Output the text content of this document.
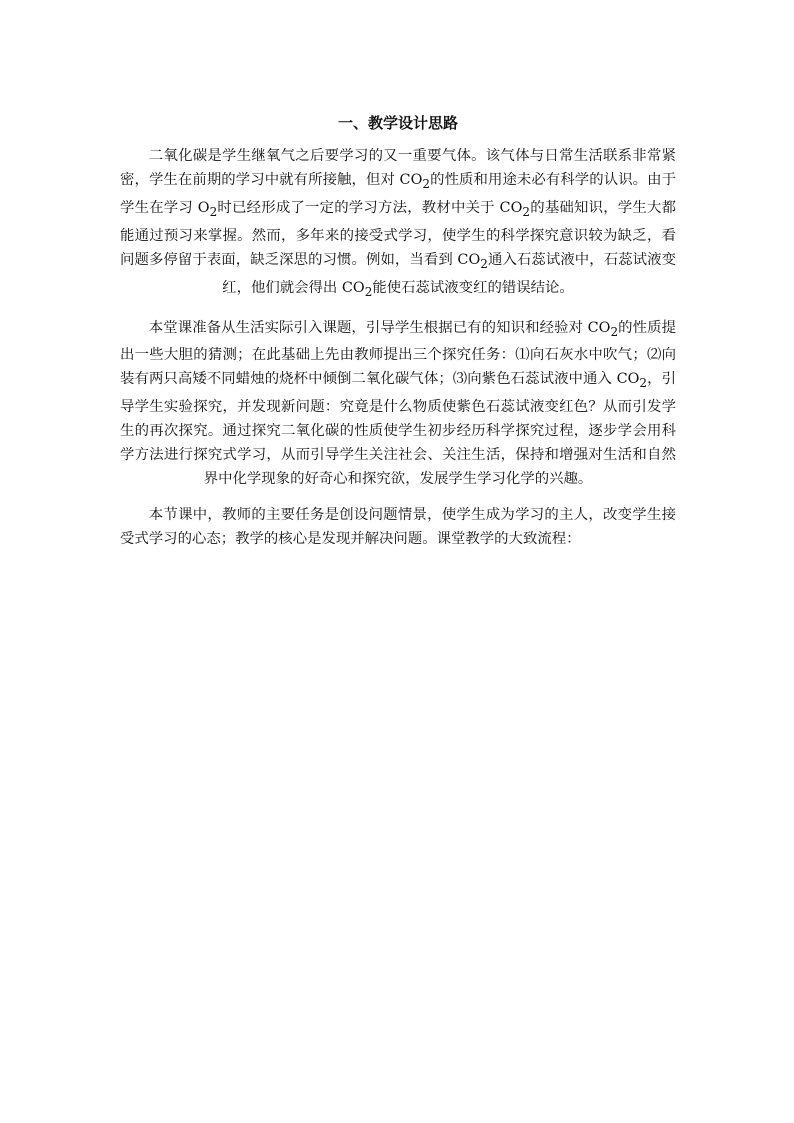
一、教学设计思路
二氧化碳是学生继氧气之后要学习的又一重要气体。该气体与日常生活联系非常紧密，学生在前期的学习中就有所接触，但对 $CO_2$的性质和用途未必有科学的认识。由于学生在学习 $O_2$时已经形成了一定的学习方法，教材中关于 $CO_2$的基础知识，学生大都能通过预习来掌握。然而，多年来的接受式学习，使学生的科学探究意识较为缺乏，看问题多停留于表面，缺乏深思的习惯。例如，当看到 $CO_2$通入石蕊试液中，石蕊试液变红，他们就会得出 $CO_2$能使石蕊试液变红的错误结论。
本堂课准备从生活实际引入课题，引导学生根据已有的知识和经验对 $CO_2$的性质提出一些大胆的猜测；在此基础上先由教师提出三个探究任务：⑴向石灰水中吹气；⑵向装有两只高矮不同蜡烛的烧杯中倾倒二氧化碳气体；⑶向紫色石蕊试液中通入 $CO_2$，引导学生实验探究，并发现新问题：究竟是什么物质使紫色石蕊试液变红色？从而引发学生的再次探究。通过探究二氧化碳的性质使学生初步经历科学探究过程，逐步学会用科学方法进行探究式学习，从而引导学生关注社会、关注生活，保持和增强对生活和自然界中化学现象的好奇心和探究欲，发展学生学习化学的兴趣。
本节课中，教师的主要任务是创设问题情景，使学生成为学习的主人，改变学生接受式学习的心态；教学的核心是发现并解决问题。课堂教学的大致流程：
